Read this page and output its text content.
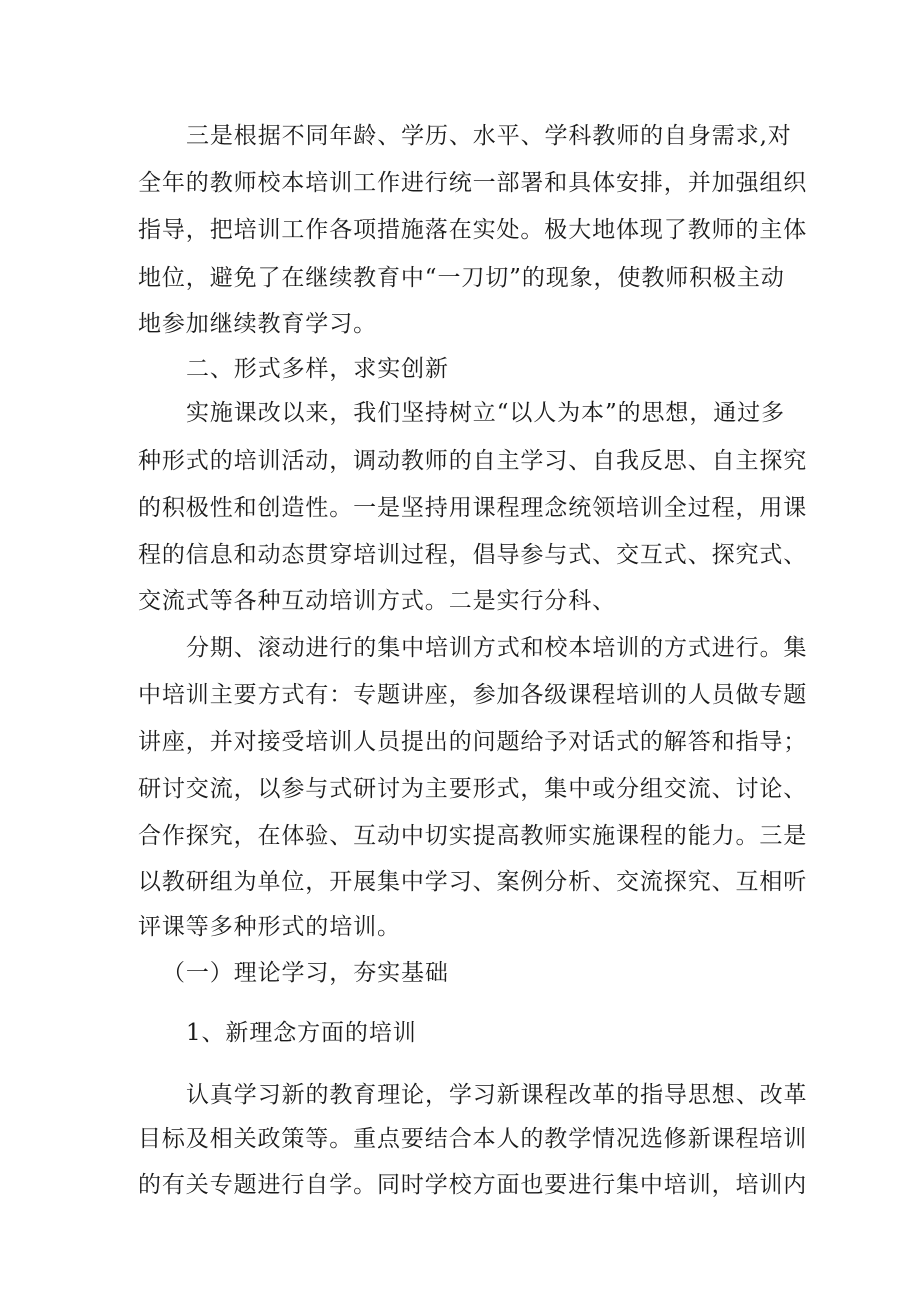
三是根据不同年龄、学历、水平、学科教师的自身需求,对
全年的教师校本培训工作进行统一部署和具体安排，并加强组织
指导，把培训工作各项措施落在实处。极大地体现了教师的主体
地位，避免了在继续教育中“一刀切”的现象，使教师积极主动
地参加继续教育学习。
二、形式多样，求实创新
实施课改以来，我们坚持树立“以人为本”的思想，通过多
种形式的培训活动，调动教师的自主学习、自我反思、自主探究
的积极性和创造性。一是坚持用课程理念统领培训全过程，用课
程的信息和动态贯穿培训过程，倡导参与式、交互式、探究式、
交流式等各种互动培训方式。二是实行分科、
分期、滚动进行的集中培训方式和校本培训的方式进行。集
中培训主要方式有：专题讲座，参加各级课程培训的人员做专题
讲座，并对接受培训人员提出的问题给予对话式的解答和指导；
研讨交流，以参与式研讨为主要形式，集中或分组交流、讨论、
合作探究，在体验、互动中切实提高教师实施课程的能力。三是
以教研组为单位，开展集中学习、案例分析、交流探究、互相听
评课等多种形式的培训。
（一）理论学习，夯实基础
1、新理念方面的培训
认真学习新的教育理论，学习新课程改革的指导思想、改革
目标及相关政策等。重点要结合本人的教学情况选修新课程培训
的有关专题进行自学。同时学校方面也要进行集中培训，培训内
